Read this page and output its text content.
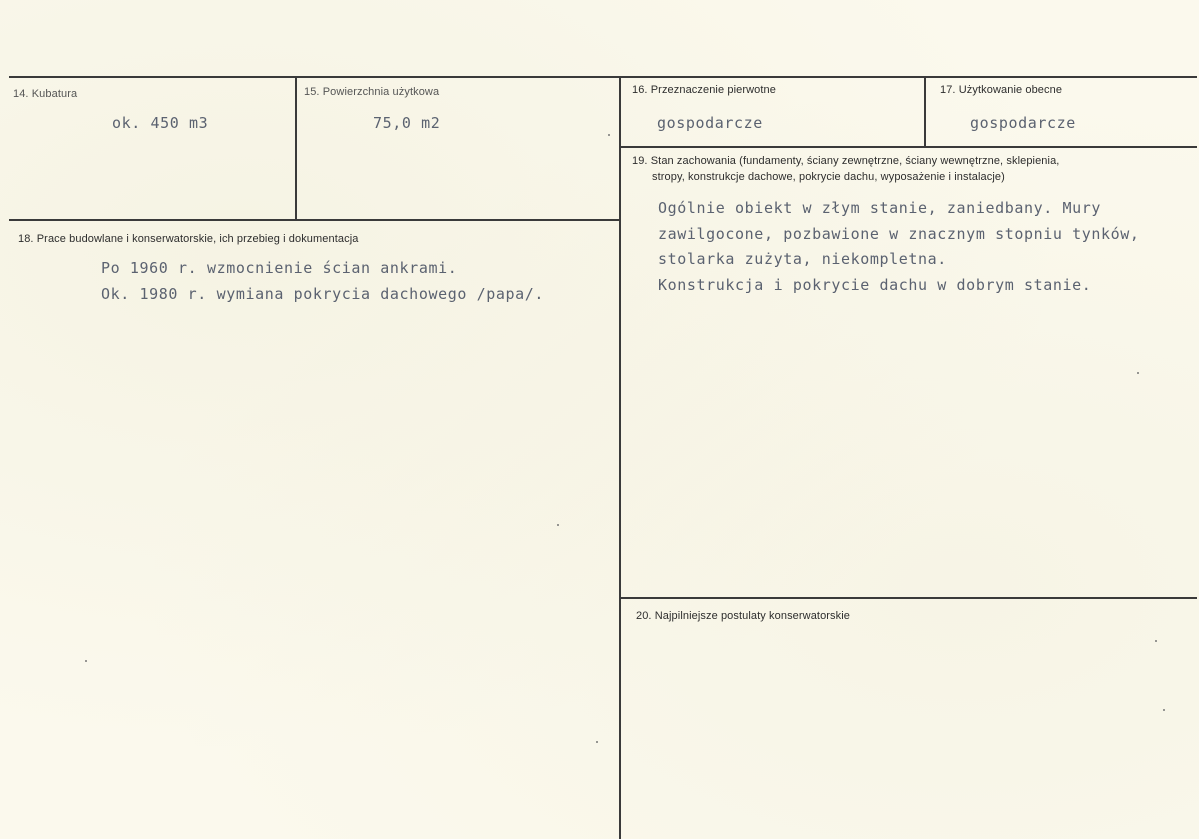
14. Kubatura
ok. 450 m3
15. Powierzchnia użytkowa
75,0 m2
16. Przeznaczenie pierwotne
gospodarcze
17. Użytkowanie obecne
gospodarcze
19. Stan zachowania (fundamenty, ściany zewnętrzne, ściany wewnętrzne, sklepienia,
stropy, konstrukcje dachowe, pokrycie dachu, wyposażenie i instalacje)
Ogólnie obiekt w złym stanie, zaniedbany. Mury
zawilgocone, pozbawione w znacznym stopniu tynków,
stolarka zużyta, niekompletna.
Konstrukcja i pokrycie dachu w dobrym stanie.
18. Prace budowlane i konserwatorskie, ich przebieg i dokumentacja
Po 1960 r. wzmocnienie ścian ankrami.
Ok. 1980 r. wymiana pokrycia dachowego /papa/.
20. Najpilniejsze postulaty konserwatorskie
